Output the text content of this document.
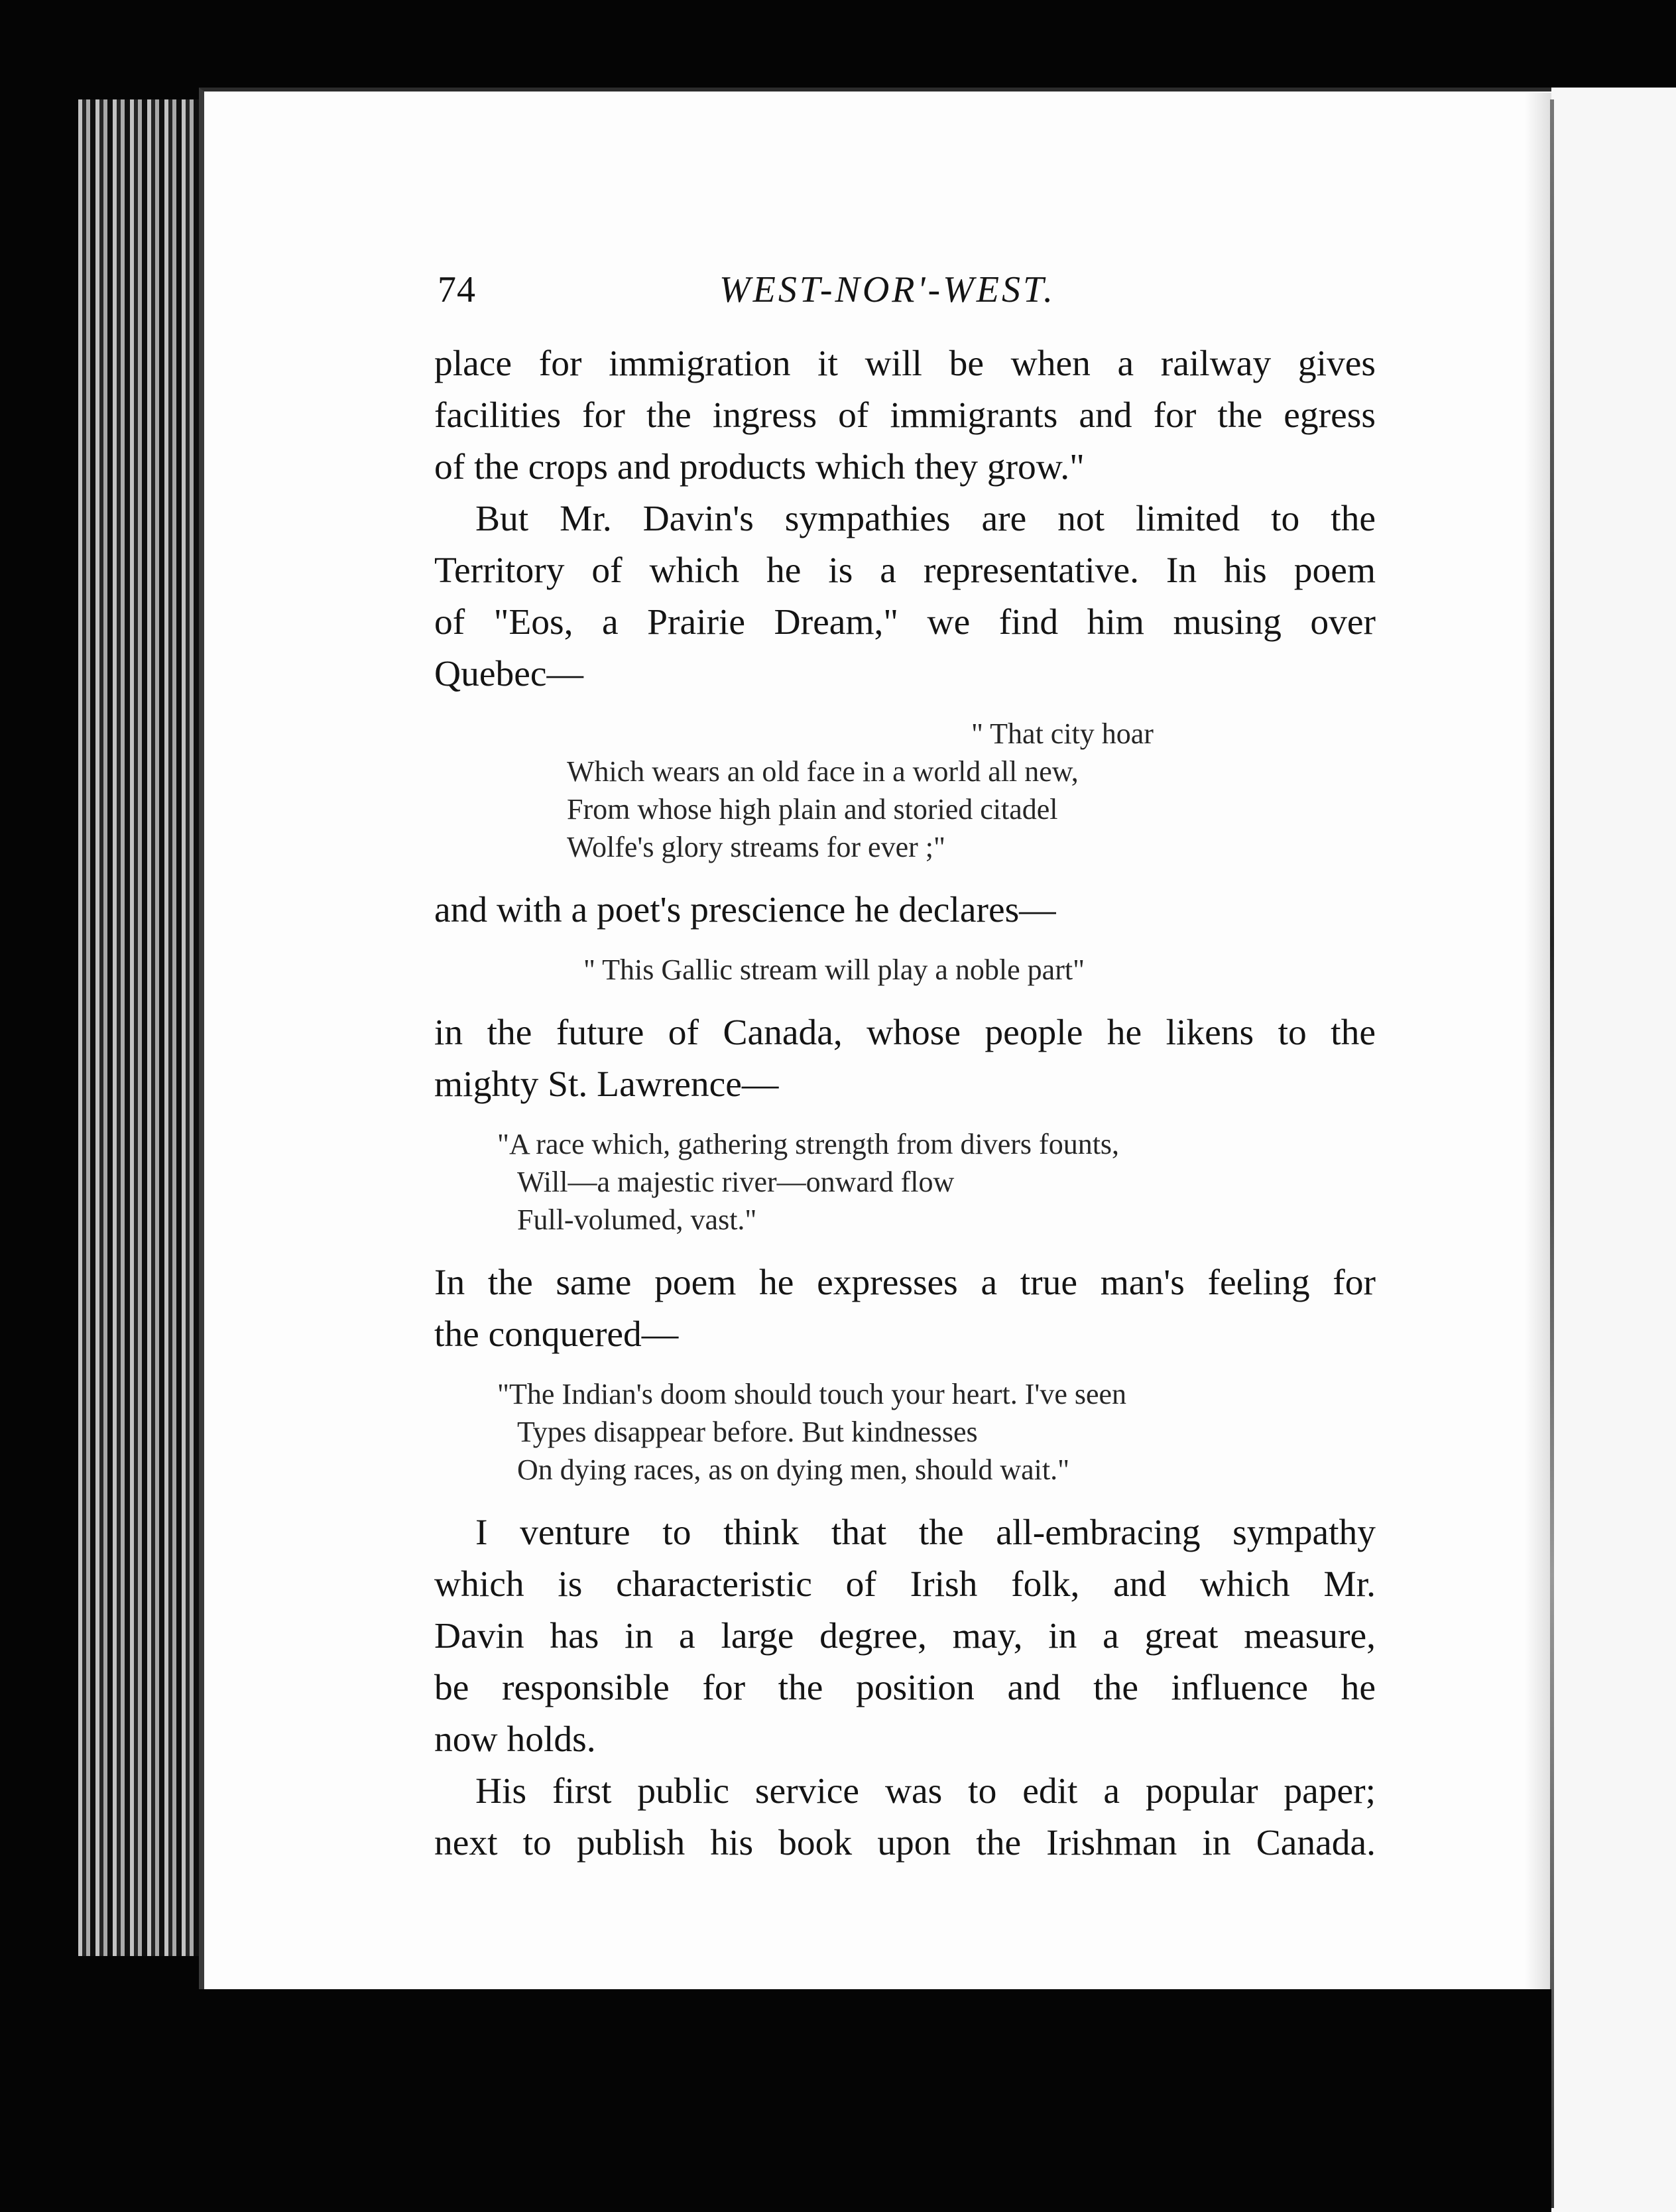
74	WEST-NOR'-WEST.
place for immigration it will be when a railway gives
facilities for the ingress of immigrants and for the egress
of the crops and products which they grow."
But Mr. Davin's sympathies are not limited to the
Territory of which he is a representative. In his poem
of "Eos, a Prairie Dream," we find him musing over
Quebec—
" That city hoar
Which wears an old face in a world all new,
From whose high plain and storied citadel
Wolfe's glory streams for ever ;"
and with a poet's prescience he declares—
" This Gallic stream will play a noble part"
in the future of Canada, whose people he likens to the
mighty St. Lawrence—
"A race which, gathering strength from divers founts,
Will—a majestic river—onward flow
Full-volumed, vast."
In the same poem he expresses a true man's feeling for
the conquered—
"The Indian's doom should touch your heart. I've seen
Types disappear before. But kindnesses
On dying races, as on dying men, should wait."
I venture to think that the all-embracing sympathy
which is characteristic of Irish folk, and which Mr.
Davin has in a large degree, may, in a great measure,
be responsible for the position and the influence he
now holds.
His first public service was to edit a popular paper;
next to publish his book upon the Irishman in Canada.
